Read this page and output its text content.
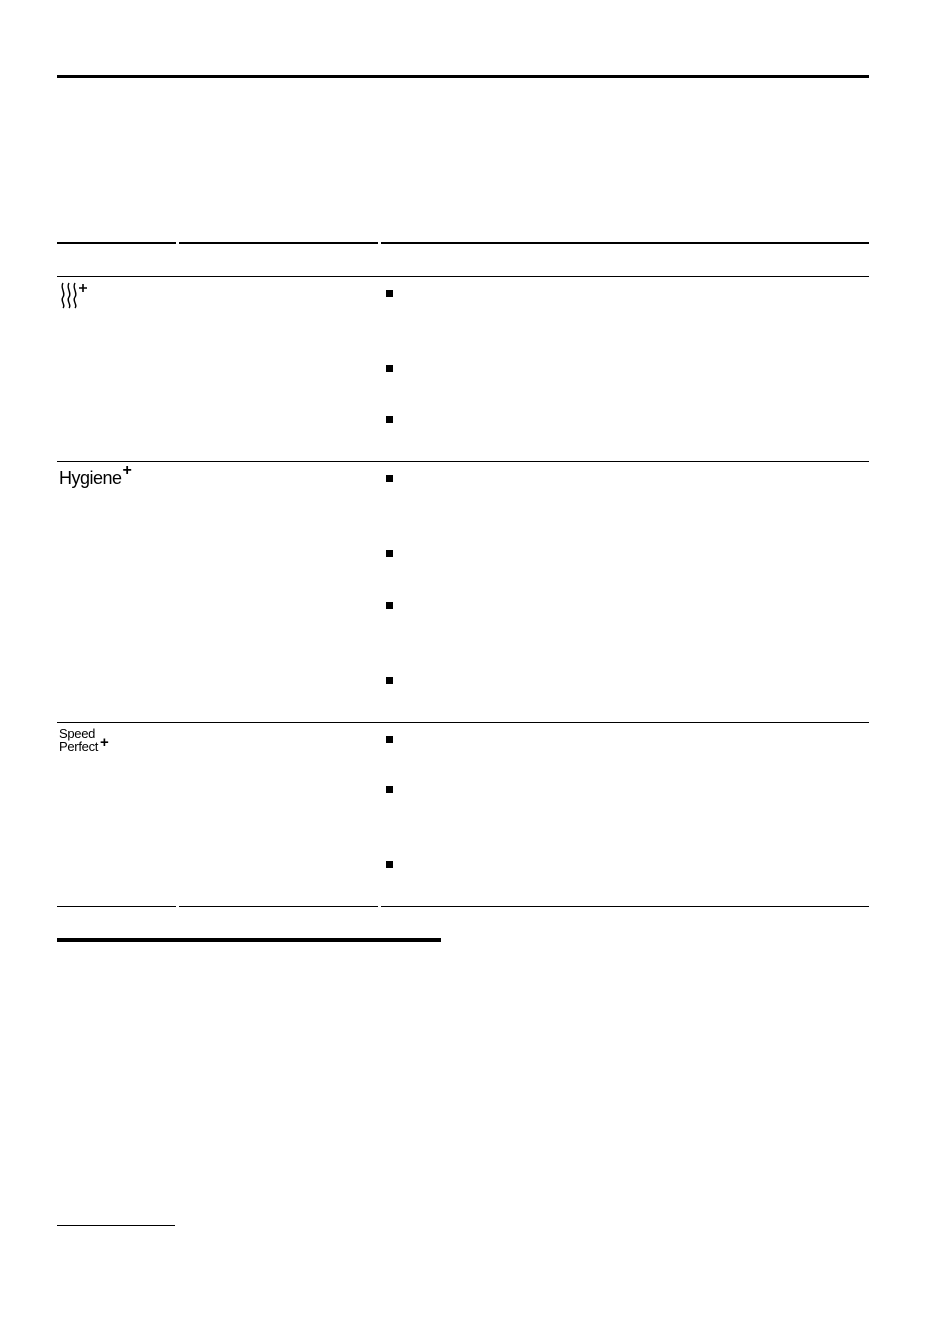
Hygiene+
Speed
Perfect +
